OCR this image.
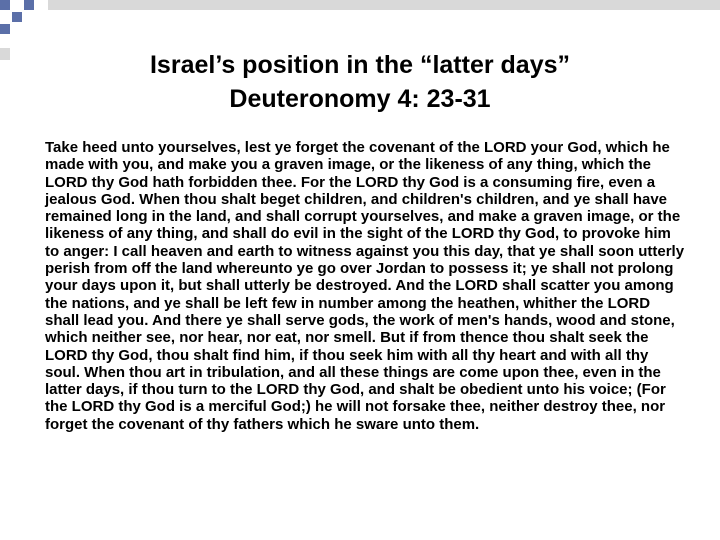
Israel’s position in the “latter days”
Deuteronomy 4: 23-31

Take heed unto yourselves, lest ye forget the covenant of the LORD your God, which he made with you, and make you a graven image, or the likeness of any thing, which the LORD thy God hath forbidden thee. For the LORD thy God is a consuming fire, even a jealous God. When thou shalt beget children, and children's children, and ye shall have remained long in the land, and shall corrupt yourselves, and make a graven image, or the likeness of any thing, and shall do evil in the sight of the LORD thy God, to provoke him to anger: I call heaven and earth to witness against you this day, that ye shall soon utterly perish from off the land whereunto ye go over Jordan to possess it; ye shall not prolong your days upon it, but shall utterly be destroyed. And the LORD shall scatter you among the nations, and ye shall be left few in number among the heathen, whither the LORD shall lead you. And there ye shall serve gods, the work of men's hands, wood and stone, which neither see, nor hear, nor eat, nor smell. But if from thence thou shalt seek the LORD thy God, thou shalt find him, if thou seek him with all thy heart and with all thy soul. When thou art in tribulation, and all these things are come upon thee, even in the latter days, if thou turn to the LORD thy God, and shalt be obedient unto his voice; (For the LORD thy God is a merciful God;) he will not forsake thee, neither destroy thee, nor forget the covenant of thy fathers which he sware unto them.
